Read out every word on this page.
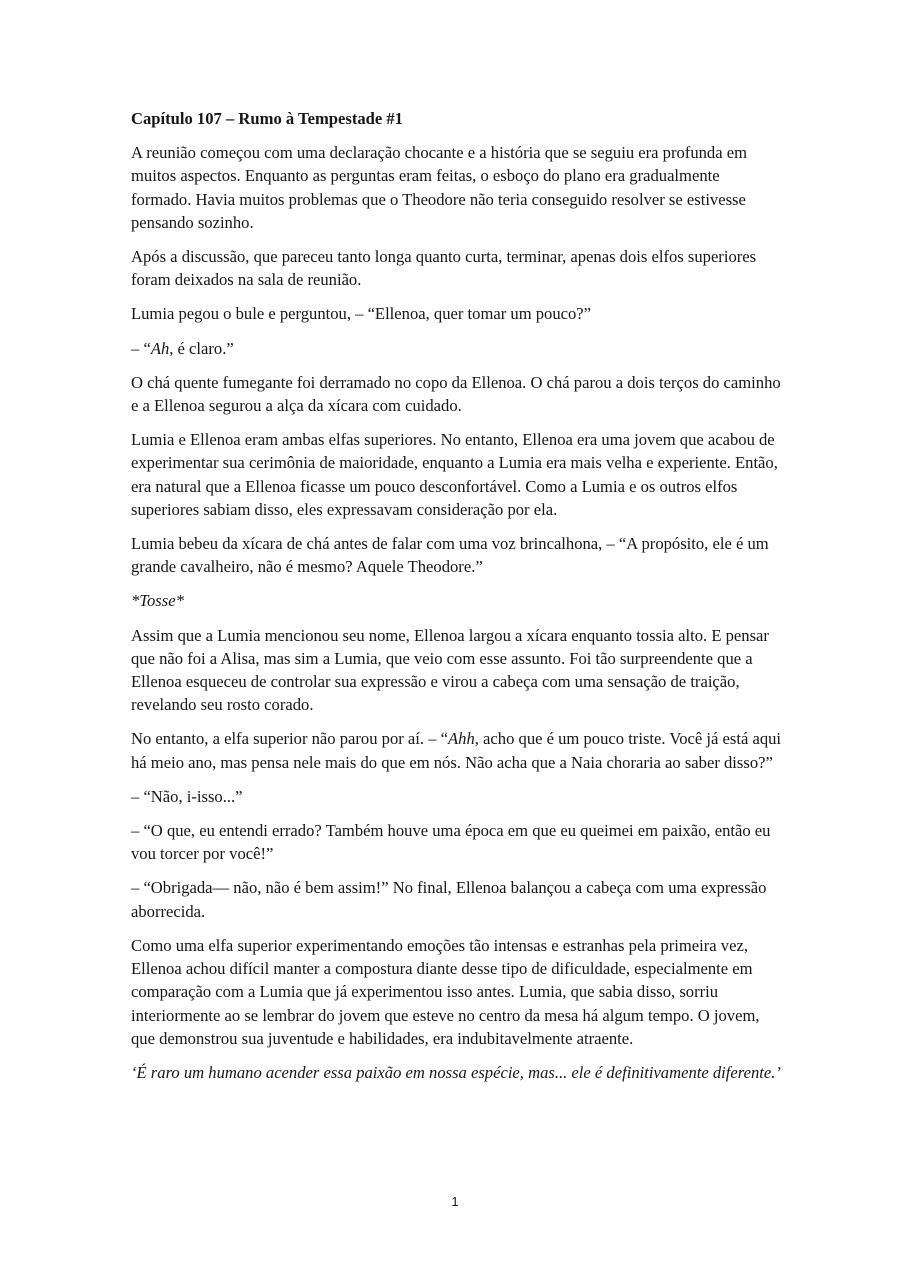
Capítulo 107 – Rumo à Tempestade #1

A reunião começou com uma declaração chocante e a história que se seguiu era profunda em muitos aspectos. Enquanto as perguntas eram feitas, o esboço do plano era gradualmente formado. Havia muitos problemas que o Theodore não teria conseguido resolver se estivesse pensando sozinho.

Após a discussão, que pareceu tanto longa quanto curta, terminar, apenas dois elfos superiores foram deixados na sala de reunião.

Lumia pegou o bule e perguntou, – “Ellenoa, quer tomar um pouco?”

– “Ah, é claro.”

O chá quente fumegante foi derramado no copo da Ellenoa. O chá parou a dois terços do caminho e a Ellenoa segurou a alça da xícara com cuidado.

Lumia e Ellenoa eram ambas elfas superiores. No entanto, Ellenoa era uma jovem que acabou de experimentar sua cerimônia de maioridade, enquanto a Lumia era mais velha e experiente. Então, era natural que a Ellenoa ficasse um pouco desconfortável. Como a Lumia e os outros elfos superiores sabiam disso, eles expressavam consideração por ela.

Lumia bebeu da xícara de chá antes de falar com uma voz brincalhona, – “A propósito, ele é um grande cavalheiro, não é mesmo? Aquele Theodore.”

*Tosse*

Assim que a Lumia mencionou seu nome, Ellenoa largou a xícara enquanto tossia alto. E pensar que não foi a Alisa, mas sim a Lumia, que veio com esse assunto. Foi tão surpreendente que a Ellenoa esqueceu de controlar sua expressão e virou a cabeça com uma sensação de traição, revelando seu rosto corado.

No entanto, a elfa superior não parou por aí. – “Ahh, acho que é um pouco triste. Você já está aqui há meio ano, mas pensa nele mais do que em nós. Não acha que a Naia choraria ao saber disso?”

– “Não, i-isso...”

– “O que, eu entendi errado? Também houve uma época em que eu queimei em paixão, então eu vou torcer por você!”

– “Obrigada— não, não é bem assim!” No final, Ellenoa balançou a cabeça com uma expressão aborrecida.

Como uma elfa superior experimentando emoções tão intensas e estranhas pela primeira vez, Ellenoa achou difícil manter a compostura diante desse tipo de dificuldade, especialmente em comparação com a Lumia que já experimentou isso antes. Lumia, que sabia disso, sorriu interiormente ao se lembrar do jovem que esteve no centro da mesa há algum tempo. O jovem, que demonstrou sua juventude e habilidades, era indubitavelmente atraente.

‘É raro um humano acender essa paixão em nossa espécie, mas... ele é definitivamente diferente.’

1
